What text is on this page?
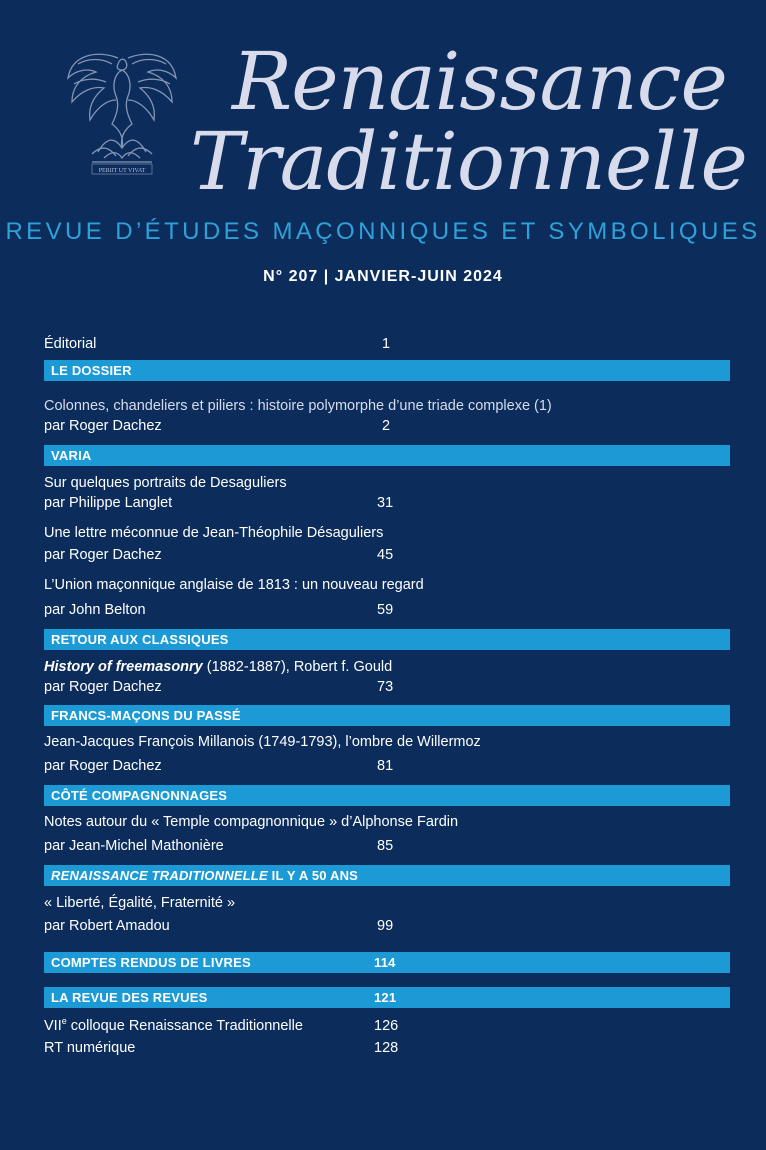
PERIIT UT VIVAT
Renaissance
Traditionnelle
REVUE D’ÉTUDES MAÇONNIQUES ET SYMBOLIQUES
N° 207 | JANVIER-JUIN 2024
Éditorial	1
LE DOSSIER
Colonnes, chandeliers et piliers : histoire polymorphe d’une triade complexe (1)
par Roger Dachez	2
VARIA
Sur quelques portraits de Desaguliers
par Philippe Langlet	31
Une lettre méconnue de Jean-Théophile Désaguliers
par Roger Dachez	45
L’Union maçonnique anglaise de 1813 : un nouveau regard
par John Belton	59
RETOUR AUX CLASSIQUES
History of freemasonry (1882-1887), Robert f. Gould
par Roger Dachez	73
FRANCS-MAÇONS DU PASSÉ
Jean-Jacques François Millanois (1749-1793), l’ombre de Willermoz
par Roger Dachez	81
CÔTÉ COMPAGNONNAGES
Notes autour du « Temple compagnonnique » d’Alphonse Fardin
par Jean-Michel Mathonière	85
RENAISSANCE TRADITIONNELLE IL Y A 50 ANS
« Liberté, Égalité, Fraternité »
par Robert Amadou	99
COMPTES RENDUS DE LIVRES	114
LA REVUE DES REVUES	121
VIIe colloque Renaissance Traditionnelle	126
RT numérique	128
